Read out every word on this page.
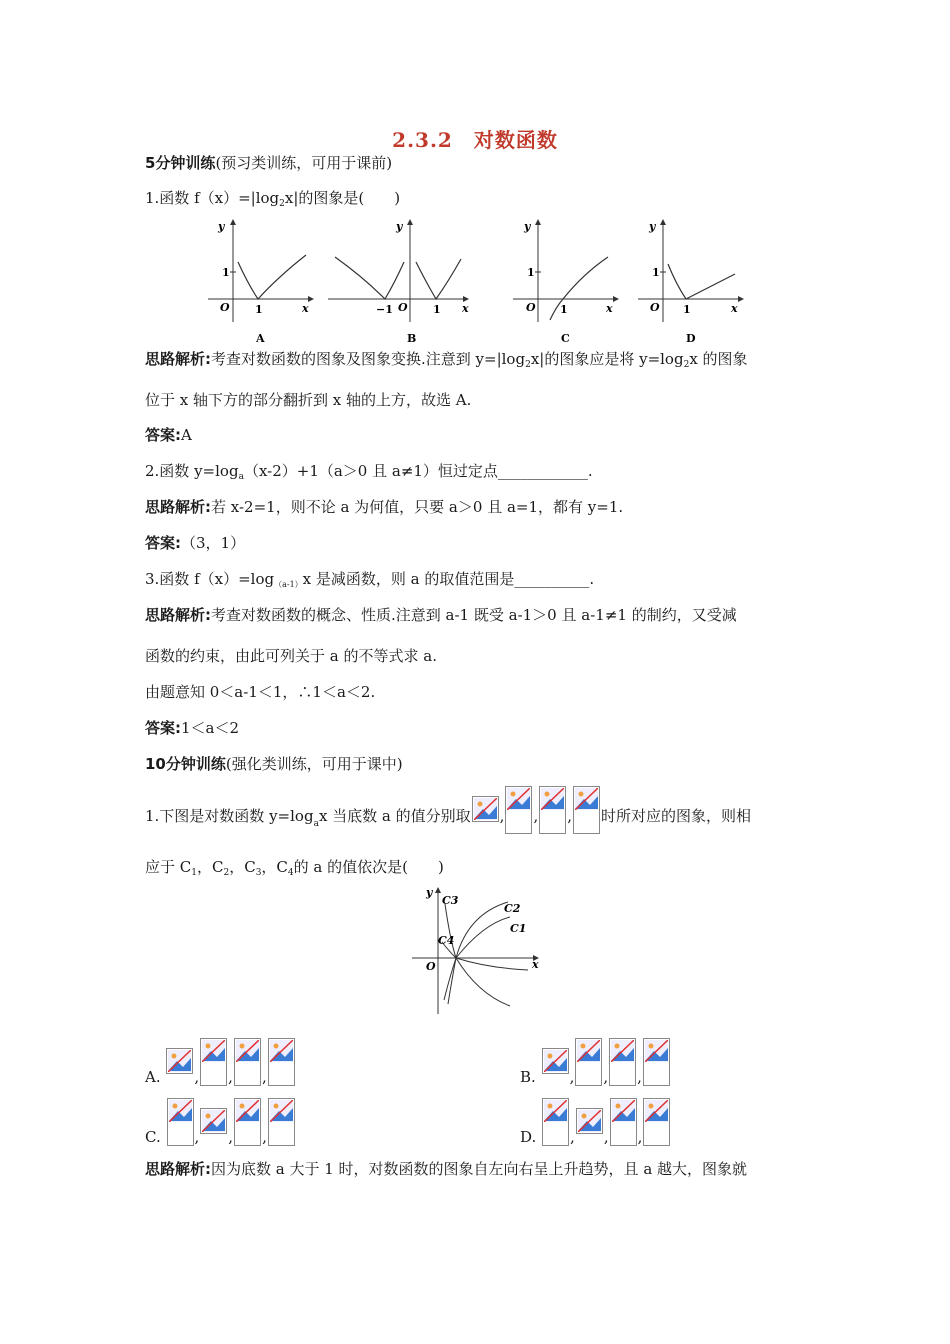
2.3.2　对数函数
5分钟训练(预习类训练，可用于课前)
1.函数 $f(x)=|\log_2x|$的图象是(　　)
y
x
O
1
1
A
y
x
O
−1	1
B
y
x
O
1
1
C
y
x
O
1
1
D
思路解析:考查对数函数的图象及图象变换.注意到 $y=|\log_2x|$的图象应是将 $y=\log_2x$ 的图象
位于 x 轴下方的部分翻折到 x 轴的上方，故选 A.
答案:A
2.函数 $y=\log_a(x-2)+1(a>0$ 且 a≠1）恒过定点____________.
思路解析:若 x-2=1，则不论 a 为何值，只要 a＞0 且 a=1，都有 y=1.
答案:（3，1）
3.函数 $f(x)=\log_{(a-1)}x$ 是减函数，则 a 的取值范围是__________.
思路解析:考查对数函数的概念、性质.注意到 a-1 既受 a-1＞0 且 a-1≠1 的制约，又受减
函数的约束，由此可列关于 a 的不等式求 a.
由题意知 0＜a-1＜1，∴1＜a＜2.
答案:1＜a＜2
10分钟训练(强化类训练，可用于课中)
1.下图是对数函数 y=logax 当底数 a 的值分别取 , , , 时所对应的图象，则相
应于 $C_1$，$C_2$，$C_3$，$C_4$的 a 的值依次是(　　)
y
x
O
C3
C2
C1
C4
A. , , ,	B. , , ,
C. , , ,	D. , , ,
思路解析:因为底数 a 大于 1 时，对数函数的图象自左向右呈上升趋势，且 a 越大，图象就
